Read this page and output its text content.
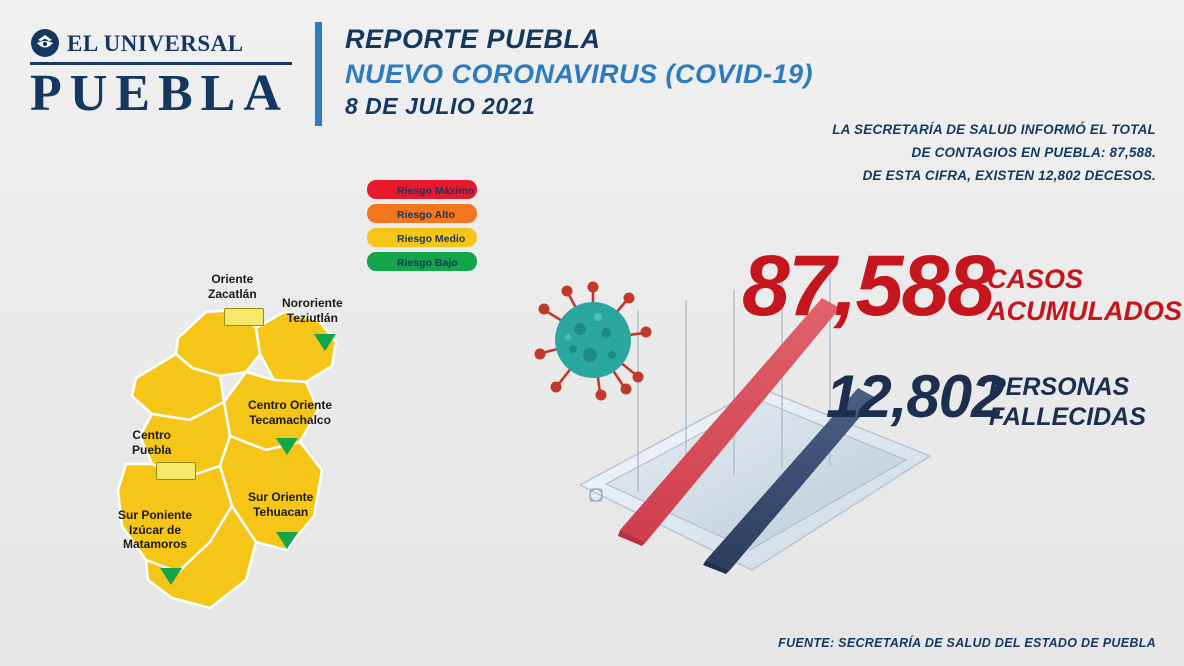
EL UNIVERSAL
PUEBLA
REPORTE PUEBLA
NUEVO CORONAVIRUS (COVID-19)
8 DE JULIO 2021
LA SECRETARÍA DE SALUD INFORMÓ EL TOTAL
DE CONTAGIOS EN PUEBLA: 87,588.
DE ESTA CIFRA, EXISTEN 12,802 DECESOS.
Riesgo Máximo
Riesgo Alto
Riesgo Medio
Riesgo Bajo
Oriente
Zacatlán
Nororiente
Teziutlán
Centro Oriente
Tecamachalco
Centro
Puebla
Sur Poniente
Izúcar de
Matamoros
Sur Oriente
Tehuacan
87,588
CASOS
ACUMULADOS
12,802
PERSONAS
FALLECIDAS
FUENTE: SECRETARÍA DE SALUD DEL ESTADO DE PUEBLA
